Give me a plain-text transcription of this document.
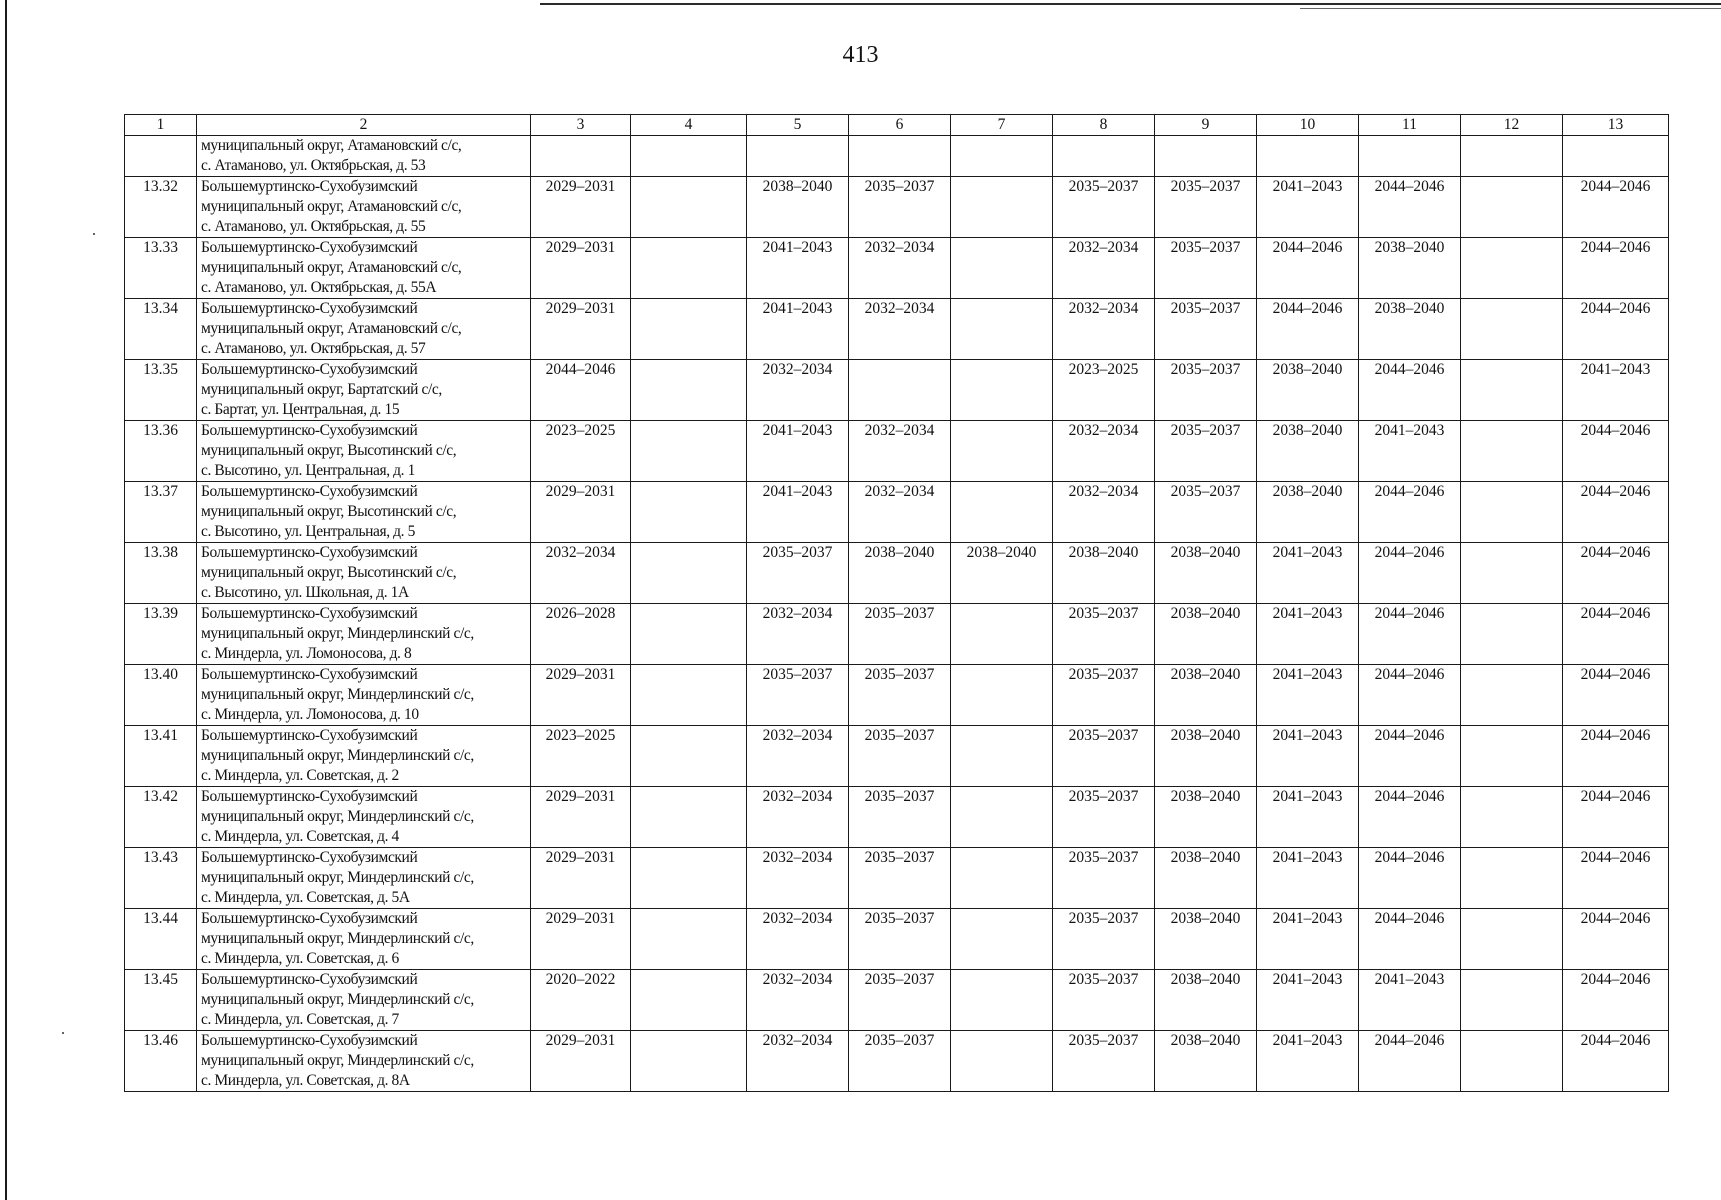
413
1	2	3	4	5	6	7	8	9	10	11	12	13

	муниципальный округ, Атамановский с/с,
с. Атаманово, ул. Октябрьская, д. 53											

13.32	Большемуртинско-Сухобузимский
муниципальный округ, Атамановский с/с,
с. Атаманово, ул. Октябрьская, д. 55	2029–2031		2038–2040	2035–2037		2035–2037	2035–2037	2041–2043	2044–2046		2044–2046
13.33	Большемуртинско-Сухобузимский
муниципальный округ, Атамановский с/с,
с. Атаманово, ул. Октябрьская, д. 55А	2029–2031		2041–2043	2032–2034		2032–2034	2035–2037	2044–2046	2038–2040		2044–2046
13.34	Большемуртинско-Сухобузимский
муниципальный округ, Атамановский с/с,
с. Атаманово, ул. Октябрьская, д. 57	2029–2031		2041–2043	2032–2034		2032–2034	2035–2037	2044–2046	2038–2040		2044–2046
13.35	Большемуртинско-Сухобузимский
муниципальный округ, Бартатский с/с,
с. Бартат, ул. Центральная, д. 15	2044–2046		2032–2034			2023–2025	2035–2037	2038–2040	2044–2046		2041–2043
13.36	Большемуртинско-Сухобузимский
муниципальный округ, Высотинский с/с,
с. Высотино, ул. Центральная, д. 1	2023–2025		2041–2043	2032–2034		2032–2034	2035–2037	2038–2040	2041–2043		2044–2046
13.37	Большемуртинско-Сухобузимский
муниципальный округ, Высотинский с/с,
с. Высотино, ул. Центральная, д. 5	2029–2031		2041–2043	2032–2034		2032–2034	2035–2037	2038–2040	2044–2046		2044–2046
13.38	Большемуртинско-Сухобузимский
муниципальный округ, Высотинский с/с,
с. Высотино, ул. Школьная, д. 1А	2032–2034		2035–2037	2038–2040	2038–2040	2038–2040	2038–2040	2041–2043	2044–2046		2044–2046
13.39	Большемуртинско-Сухобузимский
муниципальный округ, Миндерлинский с/с,
с. Миндерла, ул. Ломоносова, д. 8	2026–2028		2032–2034	2035–2037		2035–2037	2038–2040	2041–2043	2044–2046		2044–2046
13.40	Большемуртинско-Сухобузимский
муниципальный округ, Миндерлинский с/с,
с. Миндерла, ул. Ломоносова, д. 10	2029–2031		2035–2037	2035–2037		2035–2037	2038–2040	2041–2043	2044–2046		2044–2046
13.41	Большемуртинско-Сухобузимский
муниципальный округ, Миндерлинский с/с,
с. Миндерла, ул. Советская, д. 2	2023–2025		2032–2034	2035–2037		2035–2037	2038–2040	2041–2043	2044–2046		2044–2046
13.42	Большемуртинско-Сухобузимский
муниципальный округ, Миндерлинский с/с,
с. Миндерла, ул. Советская, д. 4	2029–2031		2032–2034	2035–2037		2035–2037	2038–2040	2041–2043	2044–2046		2044–2046
13.43	Большемуртинско-Сухобузимский
муниципальный округ, Миндерлинский с/с,
с. Миндерла, ул. Советская, д. 5А	2029–2031		2032–2034	2035–2037		2035–2037	2038–2040	2041–2043	2044–2046		2044–2046
13.44	Большемуртинско-Сухобузимский
муниципальный округ, Миндерлинский с/с,
с. Миндерла, ул. Советская, д. 6	2029–2031		2032–2034	2035–2037		2035–2037	2038–2040	2041–2043	2044–2046		2044–2046
13.45	Большемуртинско-Сухобузимский
муниципальный округ, Миндерлинский с/с,
с. Миндерла, ул. Советская, д. 7	2020–2022		2032–2034	2035–2037		2035–2037	2038–2040	2041–2043	2041–2043		2044–2046
13.46	Большемуртинско-Сухобузимский
муниципальный округ, Миндерлинский с/с,
с. Миндерла, ул. Советская, д. 8А	2029–2031		2032–2034	2035–2037		2035–2037	2038–2040	2041–2043	2044–2046		2044–2046
